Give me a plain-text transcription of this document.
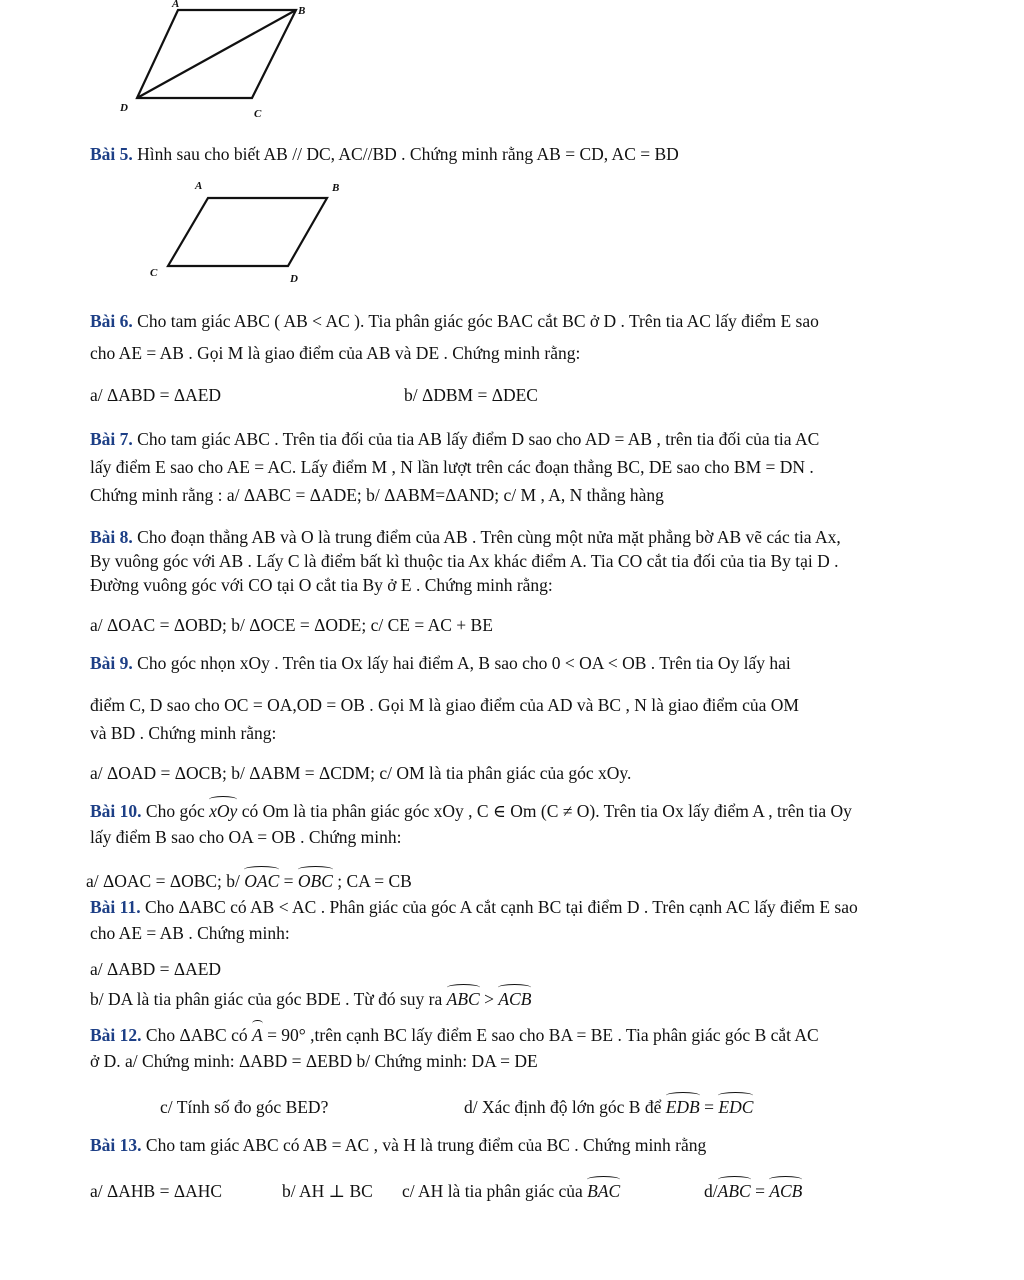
A
B
D	C
Bài 5. Hình sau cho biết AB // DC, AC//BD . Chứng minh rằng AB = CD, AC = BD
A	B
C	D
Bài 6. Cho tam giác ABC ( AB < AC ). Tia phân giác góc BAC cắt BC ở D . Trên tia AC lấy điểm E sao
cho AE = AB . Gọi M là giao điểm của AB và DE . Chứng minh rằng:
a/ ΔABD = ΔAED	b/ ΔDBM = ΔDEC
Bài 7. Cho tam giác ABC . Trên tia đối của tia AB lấy điểm D sao cho AD = AB , trên tia đối của tia AC
lấy điểm E sao cho AE = AC. Lấy điểm M , N lần lượt trên các đoạn thẳng BC, DE sao cho BM = DN .
Chứng minh rằng : a/ ΔABC = ΔADE; b/ ΔABM=ΔAND; c/ M , A, N thẳng hàng
Bài 8. Cho đoạn thẳng AB và O là trung điểm của AB . Trên cùng một nửa mặt phẳng bờ AB vẽ các tia Ax,
By vuông góc với AB . Lấy C là điểm bất kì thuộc tia Ax khác điểm A. Tia CO cắt tia đối của tia By tại D .
Đường vuông góc với CO tại O cắt tia By ở E . Chứng minh rằng:
a/ ΔOAC = ΔOBD; b/ ΔOCE = ΔODE; c/ CE = AC + BE
Bài 9. Cho góc nhọn xOy . Trên tia Ox lấy hai điểm A, B sao cho 0 < OA < OB . Trên tia Oy lấy hai
điểm C, D sao cho OC = OA,OD = OB . Gọi M là giao điểm của AD và BC , N là giao điểm của OM
và BD . Chứng minh rằng:
a/ ΔOAD = ΔOCB; b/ ΔABM = ΔCDM; c/ OM là tia phân giác của góc xOy.
Bài 10. Cho góc xOy có Om là tia phân giác góc xOy , C ∈ Om (C ≠ O). Trên tia Ox lấy điểm A , trên tia Oy
lấy điểm B sao cho OA = OB . Chứng minh:
a/ ΔOAC = ΔOBC; b/ OAC = OBC ; CA = CB
Bài 11. Cho ΔABC có AB < AC . Phân giác của góc A cắt cạnh BC tại điểm D . Trên cạnh AC lấy điểm E sao
cho AE = AB . Chứng minh:
a/ ΔABD = ΔAED
b/ DA là tia phân giác của góc BDE . Từ đó suy ra ABC > ACB
Bài 12. Cho ΔABC có A = 90° ,trên cạnh BC lấy điểm E sao cho BA = BE . Tia phân giác góc B cắt AC
ở D. a/ Chứng minh: ΔABD = ΔEBD b/ Chứng minh: DA = DE
c/ Tính số đo góc BED?	d/ Xác định độ lớn góc B để EDB = EDC
Bài 13. Cho tam giác ABC có AB = AC , và H là trung điểm của BC . Chứng minh rằng
a/ ΔAHB = ΔAHC	b/ AH ⊥ BC c/ AH là tia phân giác của BAC	d/ABC = ACB
